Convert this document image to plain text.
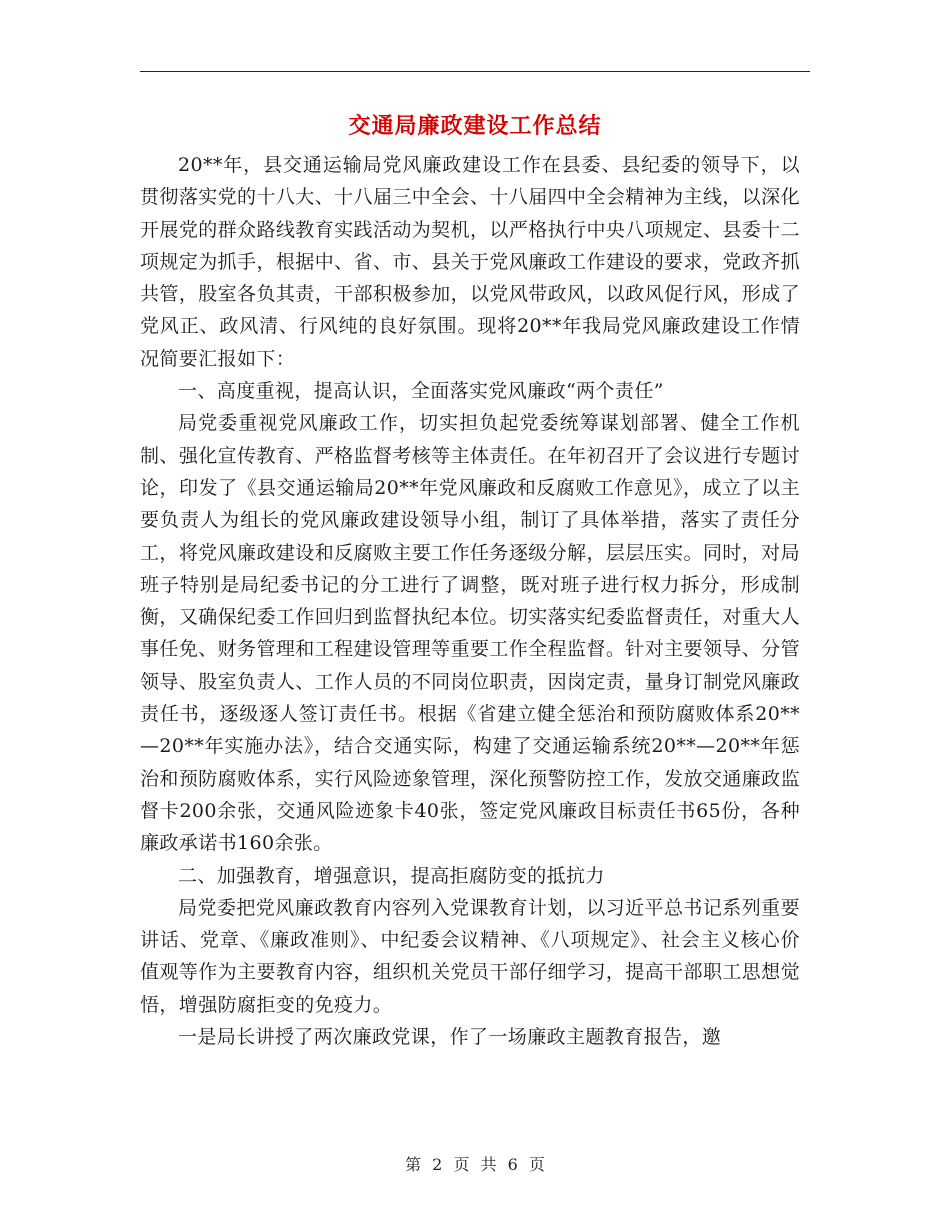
交通局廉政建设工作总结

20**年，县交通运输局党风廉政建设工作在县委、县纪委的领导下，以贯彻落实党的十八大、十八届三中全会、十八届四中全会精神为主线，以深化开展党的群众路线教育实践活动为契机，以严格执行中央八项规定、县委十二项规定为抓手，根据中、省、市、县关于党风廉政工作建设的要求，党政齐抓共管，股室各负其责，干部积极参加，以党风带政风，以政风促行风，形成了党风正、政风清、行风纯的良好氛围。现将20**年我局党风廉政建设工作情况简要汇报如下：

一、高度重视，提高认识，全面落实党风廉政“两个责任”

局党委重视党风廉政工作，切实担负起党委统筹谋划部署、健全工作机制、强化宣传教育、严格监督考核等主体责任。在年初召开了会议进行专题讨论，印发了《县交通运输局20**年党风廉政和反腐败工作意见》，成立了以主要负责人为组长的党风廉政建设领导小组，制订了具体举措，落实了责任分工，将党风廉政建设和反腐败主要工作任务逐级分解，层层压实。同时，对局班子特别是局纪委书记的分工进行了调整，既对班子进行权力拆分，形成制衡，又确保纪委工作回归到监督执纪本位。切实落实纪委监督责任，对重大人事任免、财务管理和工程建设管理等重要工作全程监督。针对主要领导、分管领导、股室负责人、工作人员的不同岗位职责，因岗定责，量身订制党风廉政责任书，逐级逐人签订责任书。根据《省建立健全惩治和预防腐败体系20**—20**年实施办法》，结合交通实际，构建了交通运输系统20**—20**年惩治和预防腐败体系，实行风险迹象管理，深化预警防控工作，发放交通廉政监督卡200余张，交通风险迹象卡40张，签定党风廉政目标责任书65份，各种廉政承诺书160余张。

二、加强教育，增强意识，提高拒腐防变的抵抗力

局党委把党风廉政教育内容列入党课教育计划，以习近平总书记系列重要讲话、党章、《廉政准则》、中纪委会议精神、《八项规定》、社会主义核心价值观等作为主要教育内容，组织机关党员干部仔细学习，提高干部职工思想觉悟，增强防腐拒变的免疫力。

一是局长讲授了两次廉政党课，作了一场廉政主题教育报告，邀

第 2 页 共 6 页
